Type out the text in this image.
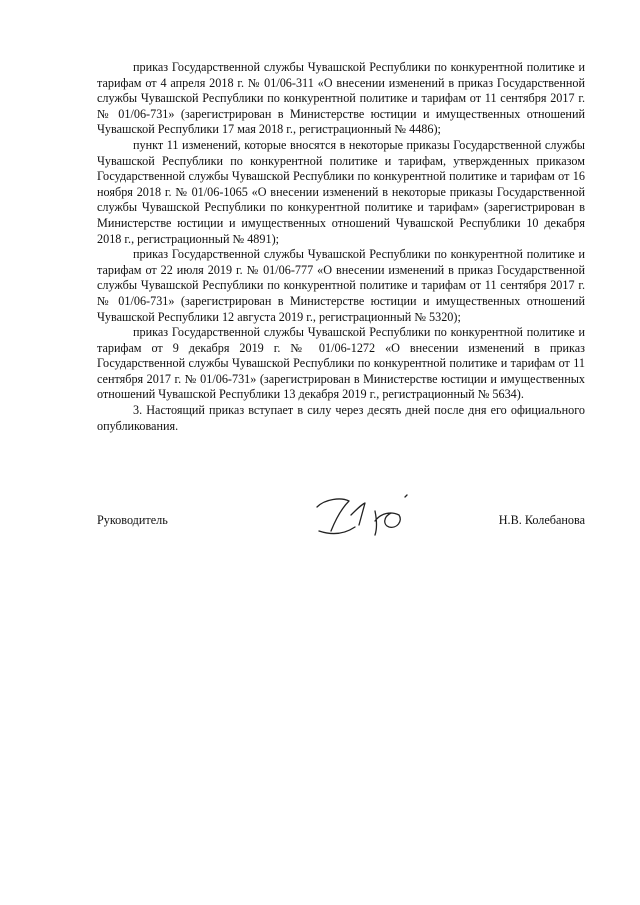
приказ Государственной службы Чувашской Республики по конкурентной политике и тарифам от 4 апреля 2018 г. № 01/06-311 «О внесении изменений в приказ Государственной службы Чувашской Республики по конкурентной политике и тарифам от 11 сентября 2017 г. № 01/06-731» (зарегистрирован в Министерстве юстиции и имущественных отношений Чувашской Республики 17 мая 2018 г., регистрационный № 4486);

пункт 11 изменений, которые вносятся в некоторые приказы Государственной службы Чувашской Республики по конкурентной политике и тарифам, утвержденных приказом Государственной службы Чувашской Республики по конкурентной политике и тарифам от 16 ноября 2018 г. № 01/06-1065 «О внесении изменений в некоторые приказы Государственной службы Чувашской Республики по конкурентной политике и тарифам» (зарегистрирован в Министерстве юстиции и имущественных отношений Чувашской Республики 10 декабря 2018 г., регистрационный № 4891);

приказ Государственной службы Чувашской Республики по конкурентной политике и тарифам от 22 июля 2019 г. № 01/06-777 «О внесении изменений в приказ Государственной службы Чувашской Республики по конкурентной политике и тарифам от 11 сентября 2017 г. № 01/06-731» (зарегистрирован в Министерстве юстиции и имущественных отношений Чувашской Республики 12 августа 2019 г., регистрационный № 5320);

приказ Государственной службы Чувашской Республики по конкурентной политике и тарифам от 9 декабря 2019 г. № 01/06-1272 «О внесении изменений в приказ Государственной службы Чувашской Республики по конкурентной политике и тарифам от 11 сентября 2017 г. № 01/06-731» (зарегистрирован в Министерстве юстиции и имущественных отношений Чувашской Республики 13 декабря 2019 г., регистрационный № 5634).

3. Настоящий приказ вступает в силу через десять дней после дня его официального опубликования.

Руководитель	Н.В. Колебанова
